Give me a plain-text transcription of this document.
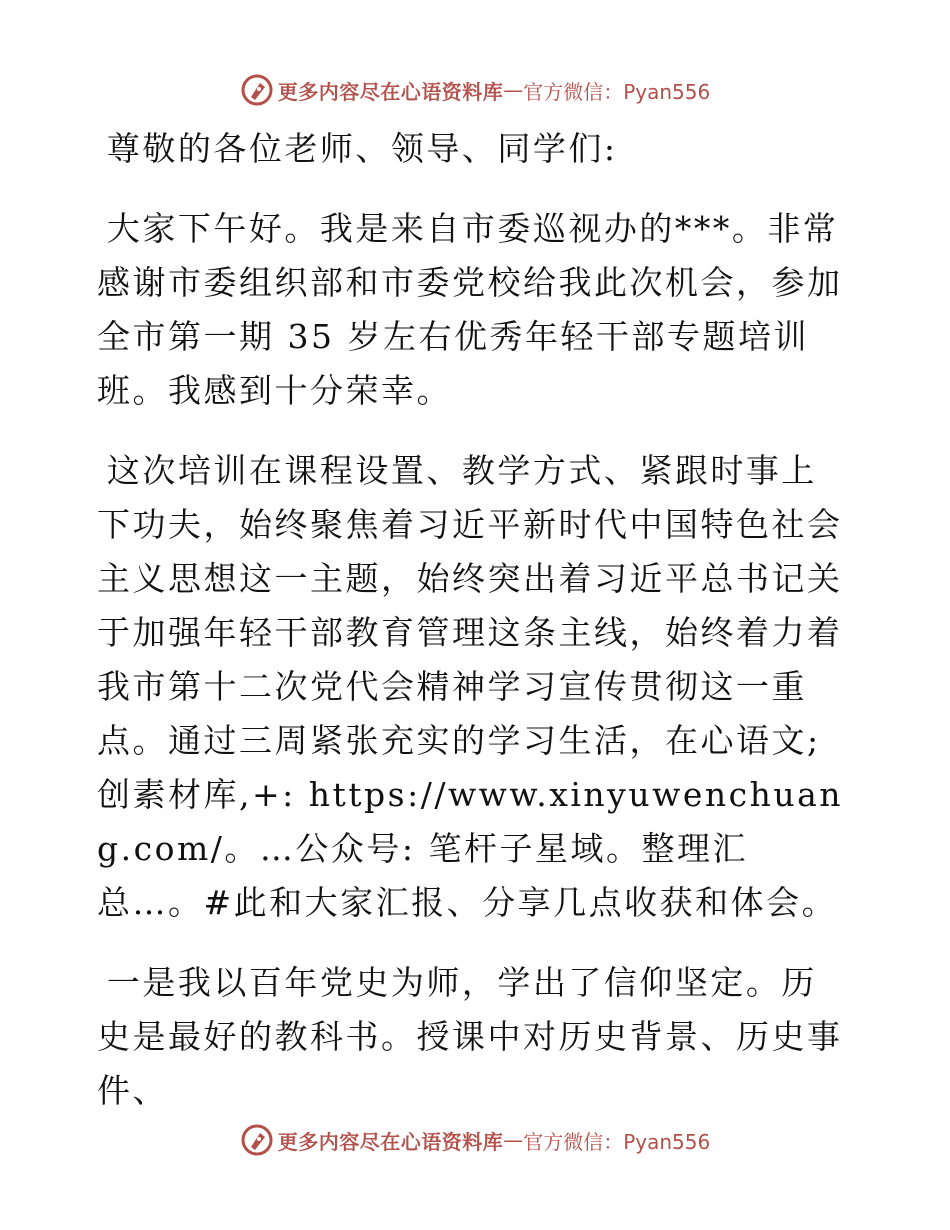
更多内容尽在心语资料库 — 官方微信：Pyan556

尊敬的各位老师、领导、同学们:

大家下午好。我是来自市委巡视办的***。非常感谢市委组织部和市委党校给我此次机会，参加全市第一期 35 岁左右优秀年轻干部专题培训班。我感到十分荣幸。

这次培训在课程设置、教学方式、紧跟时事上下功夫，始终聚焦着习近平新时代中国特色社会主义思想这一主题，始终突出着习近平总书记关于加强年轻干部教育管理这条主线，始终着力着我市第十二次党代会精神学习宣传贯彻这一重点。通过三周紧张充实的学习生活，在心语文;创素材库,+: https://www.xinyuwenchuang.com/。…公众号: 笔杆子星域。整理汇总…。#此和大家汇报、分享几点收获和体会。

一是我以百年党史为师，学出了信仰坚定。历史是最好的教科书。授课中对历史背景、历史事件、

更多内容尽在心语资料库 — 官方微信：Pyan556
